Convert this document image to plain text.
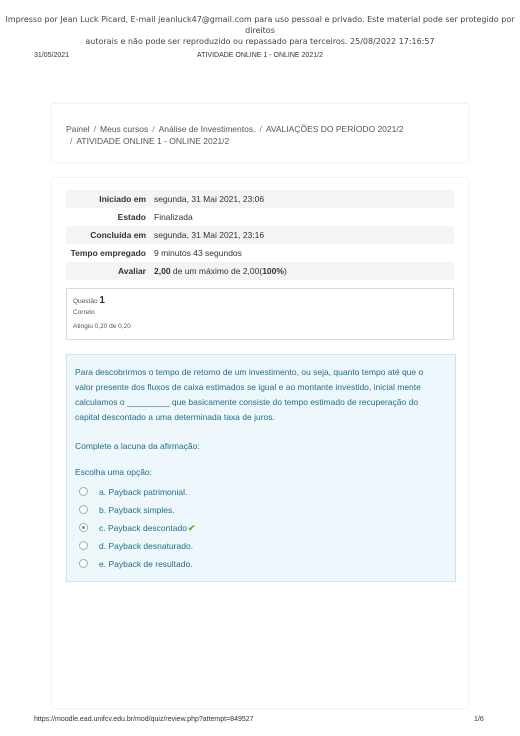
Impresso por Jean Luck Picard, E-mail jeanluck47@gmail.com para uso pessoal e privado. Este material pode ser protegido por direitos
autorais e não pode ser reproduzido ou repassado para terceiros. 25/08/2022 17:16:57
ATIVIDADE ONLINE 1 - ONLINE 2021/2
31/05/2021
Painel / Meus cursos / Análise de Investimentos. / AVALIAÇÕES DO PERÍODO 2021/2
/ ATIVIDADE ONLINE 1 - ONLINE 2021/2
Iniciado em	segunda, 31 Mai 2021, 23:06
Estado	Finalizada
Concluída em	segunda, 31 Mai 2021, 23:16
Tempo empregado	9 minutos 43 segundos
Avaliar	2,00 de um máximo de 2,00(100%)
Questão 1
Correto
Atingiu 0,20 de 0,20

Para descobrirmos o tempo de retorno de um investimento, ou seja, quanto tempo até que o valor presente dos fluxos de caixa estimados se igual e ao montante investido, inicial mente calculamos o _________ que basicamente consiste do tempo estimado de recuperação do capital descontado a uma determinada taxa de juros.

Complete a lacuna da afirmação:

Escolha uma opção:

a. Payback patrimonial.
b. Payback simples.
c. Payback descontado✔
d. Payback desnaturado.
e. Payback de resultado.
https://moodle.ead.unifcv.edu.br/mod/quiz/review.php?attempt=849527	1/6
